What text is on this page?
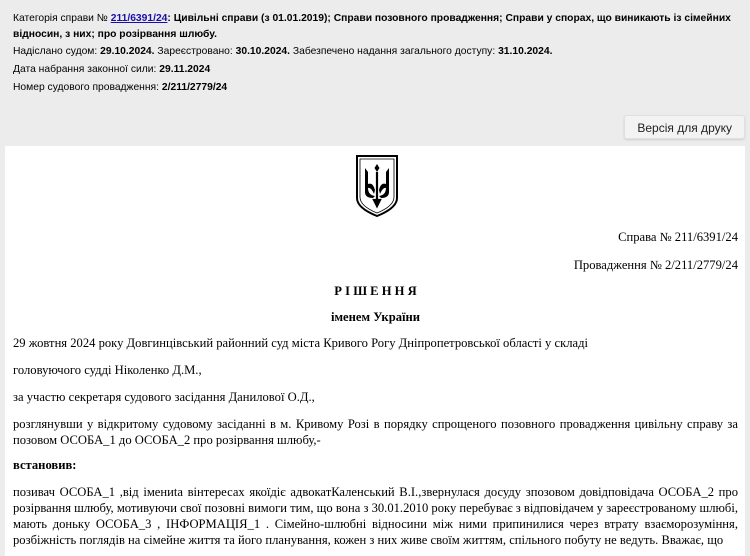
Категорія справи № 211/6391/24: Цивільні справи (з 01.01.2019); Справи позовного провадження; Справи у спорах, що виникають із сімейних відносин, з них; про розірвання шлюбу.
Надіслано судом: 29.10.2024. Зареєстровано: 30.10.2024. Забезпечено надання загального доступу: 31.10.2024.
Дата набрання законної сили: 29.11.2024
Номер судового провадження: 2/211/2779/24
Версія для друку
Справа № 211/6391/24
Провадження № 2/211/2779/24
Р І Ш Е Н Н Я
іменем України
29 жовтня 2024 року Довгинцівський районний суд міста Кривого Рогу Дніпропетровської області у складі
головуючого судді Ніколенко Д.М.,
за участю секретаря судового засідання Данилової О.Д.,
розглянувши у відкритому судовому засіданні в м. Кривому Розі в порядку спрощеного позовного провадження цивільну справу за позовом ОСОБА_1 до ОСОБА_2 про розірвання шлюбу,-
встановив:
позивач ОСОБА_1 ,від імениta вінтересах якоїдіє адвокатКаленський В.І.,звернулася досуду зпозовом довідповідача ОСОБА_2 про розірвання шлюбу, мотивуючи свої позовні вимоги тим, що вона з 30.01.2010 року перебуває з відповідачем у зареєстрованому шлюбі, мають доньку ОСОБА_3 , ІНФОРМАЦІЯ_1 . Сімейно-шлюбні відносини між ними припинилися через втрату взаєморозуміння, розбіжність поглядів на сімейне життя та його планування, кожен з них живе своїм життям, спільного побуту не ведуть. Вважає, що
